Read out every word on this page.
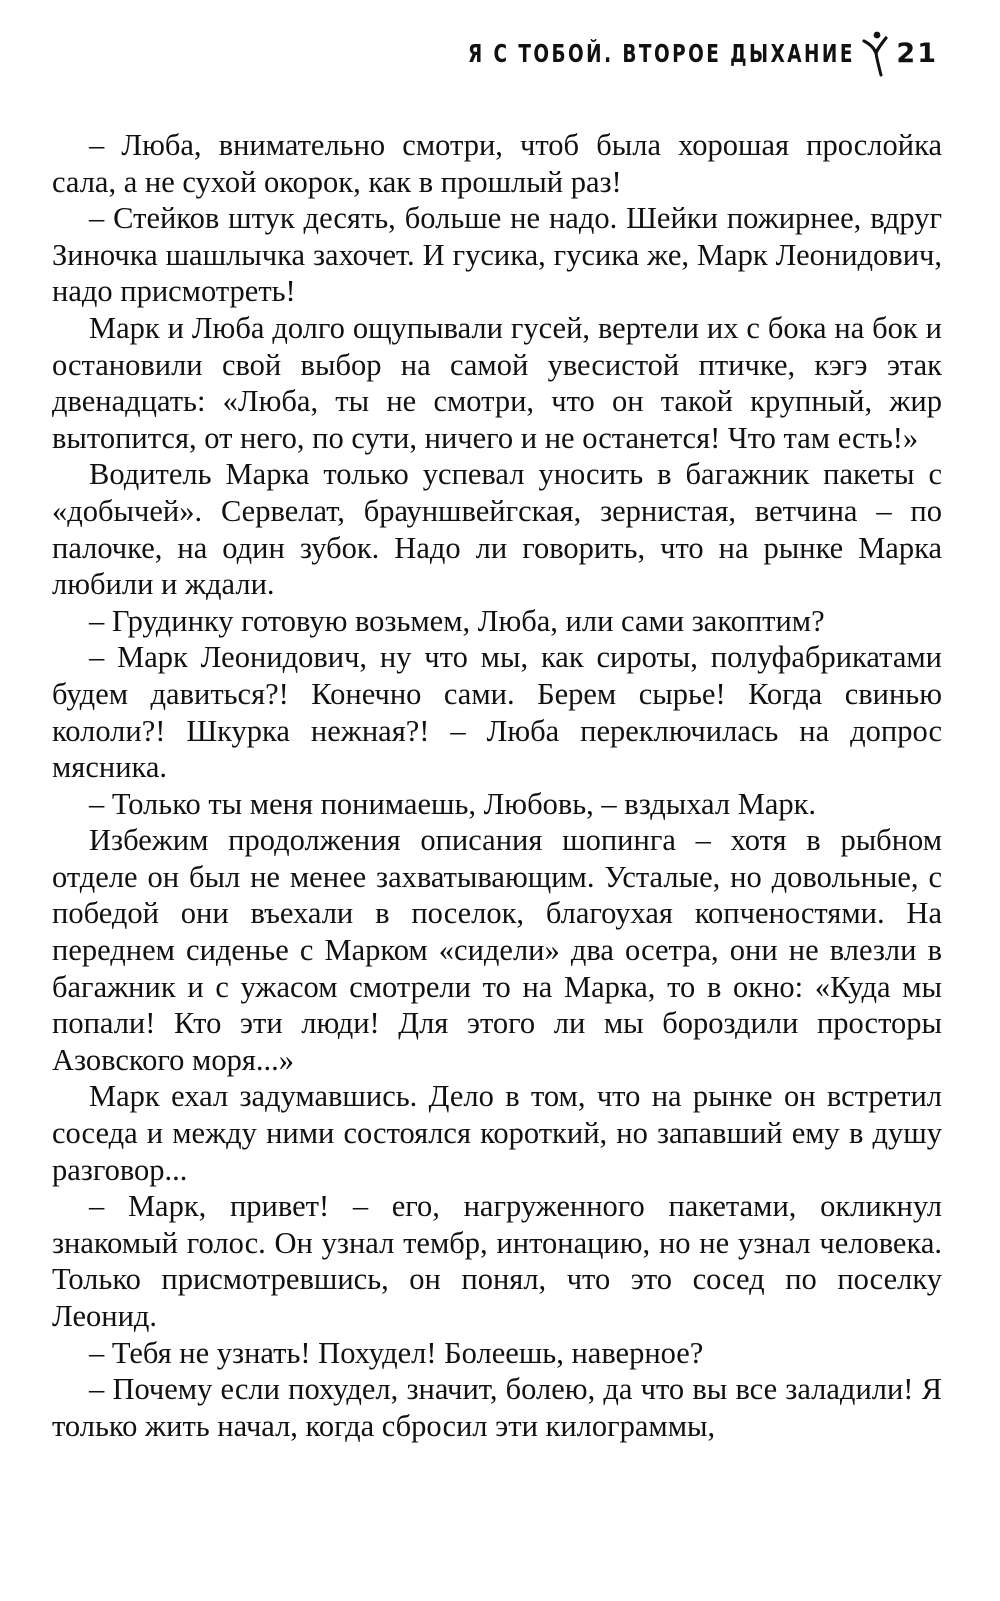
Я С ТОБОЙ. ВТОРОЕ ДЫХАНИЕ 21

– Люба, внимательно смотри, чтоб была хорошая прослойка сала, а не сухой окорок, как в прошлый раз!

– Стейков штук десять, больше не надо. Шейки пожирнее, вдруг Зиночка шашлычка захочет. И гусика, гусика же, Марк Леонидович, надо присмотреть!

Марк и Люба долго ощупывали гусей, вертели их с бока на бок и остановили свой выбор на самой увесистой птичке, кэгэ этак двенадцать: «Люба, ты не смотри, что он такой крупный, жир вытопится, от него, по сути, ничего и не останется! Что там есть!»

Водитель Марка только успевал уносить в багажник пакеты с «добычей». Сервелат, брауншвейгская, зернистая, ветчина – по палочке, на один зубок. Надо ли говорить, что на рынке Марка любили и ждали.

– Грудинку готовую возьмем, Люба, или сами закоптим?

– Марк Леонидович, ну что мы, как сироты, полуфабрикатами будем давиться?! Конечно сами. Берем сырье! Когда свинью кололи?! Шкурка нежная?! – Люба переключилась на допрос мясника.

– Только ты меня понимаешь, Любовь, – вздыхал Марк.

Избежим продолжения описания шопинга – хотя в рыбном отделе он был не менее захватывающим. Усталые, но довольные, с победой они въехали в поселок, благоухая копченостями. На переднем сиденье с Марком «сидели» два осетра, они не влезли в багажник и с ужасом смотрели то на Марка, то в окно: «Куда мы попали! Кто эти люди! Для этого ли мы бороздили просторы Азовского моря...»

Марк ехал задумавшись. Дело в том, что на рынке он встретил соседа и между ними состоялся короткий, но запавший ему в душу разговор...

– Марк, привет! – его, нагруженного пакетами, окликнул знакомый голос. Он узнал тембр, интонацию, но не узнал человека. Только присмотревшись, он понял, что это сосед по поселку Леонид.

– Тебя не узнать! Похудел! Болеешь, наверное?

– Почему если похудел, значит, болею, да что вы все заладили! Я только жить начал, когда сбросил эти килограммы,
